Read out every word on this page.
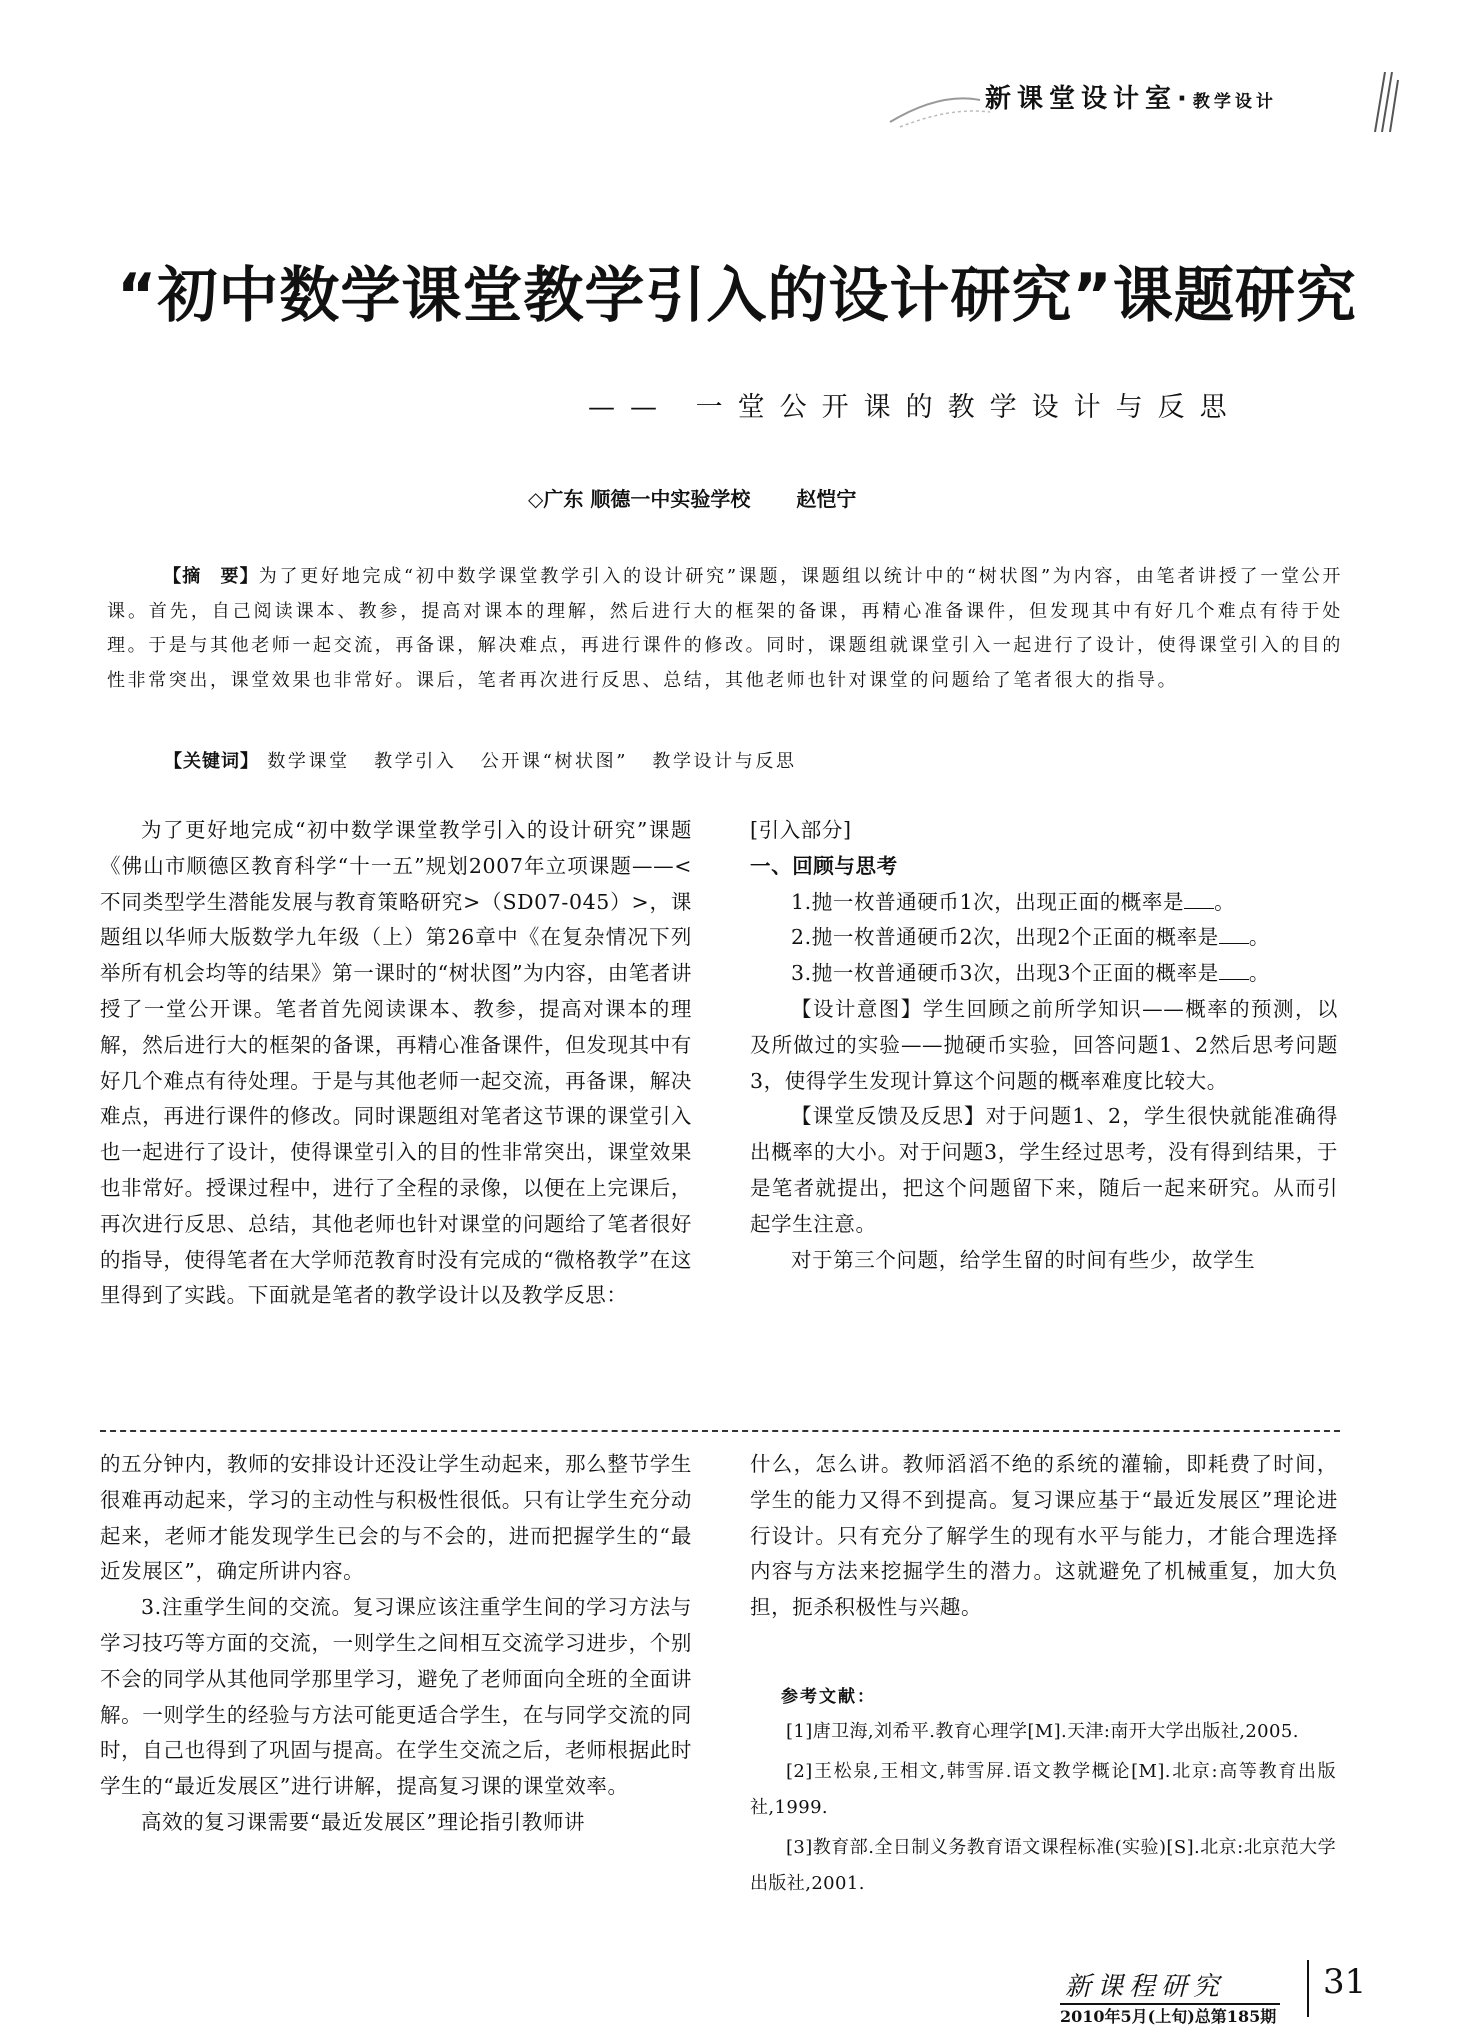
新课堂设计室·教学设计
“初中数学课堂教学引入的设计研究”课题研究
—— 一堂公开课的教学设计与反思
◇广东 顺德一中实验学校 赵恺宁
【摘　要】为了更好地完成“初中数学课堂教学引入的设计研究”课题，课题组以统计中的“树状图”为内容，由笔者讲授了一堂公开课。首先，自己阅读课本、教参，提高对课本的理解，然后进行大的框架的备课，再精心准备课件，但发现其中有好几个难点有待于处理。于是与其他老师一起交流，再备课，解决难点，再进行课件的修改。同时，课题组就课堂引入一起进行了设计，使得课堂引入的目的性非常突出，课堂效果也非常好。课后，笔者再次进行反思、总结，其他老师也针对课堂的问题给了笔者很大的指导。
【关键词】 数学课堂 教学引入 公开课“树状图” 教学设计与反思

为了更好地完成“初中数学课堂教学引入的设计研究”课题《佛山市顺德区教育科学“十一五”规划2007年立项课题——<不同类型学生潜能发展与教育策略研究>（SD07-045）>，课题组以华师大版数学九年级（上）第26章中《在复杂情况下列举所有机会均等的结果》第一课时的“树状图”为内容，由笔者讲授了一堂公开课。笔者首先阅读课本、教参，提高对课本的理解，然后进行大的框架的备课，再精心准备课件，但发现其中有好几个难点有待处理。于是与其他老师一起交流，再备课，解决难点，再进行课件的修改。同时课题组对笔者这节课的课堂引入也一起进行了设计，使得课堂引入的目的性非常突出，课堂效果也非常好。授课过程中，进行了全程的录像，以便在上完课后，再次进行反思、总结，其他老师也针对课堂的问题给了笔者很好的指导，使得笔者在大学师范教育时没有完成的“微格教学”在这里得到了实践。下面就是笔者的教学设计以及教学反思：

[引入部分]

一、回顾与思考

1.抛一枚普通硬币1次，出现正面的概率是 。

2.抛一枚普通硬币2次，出现2个正面的概率是 。

3.抛一枚普通硬币3次，出现3个正面的概率是 。

【设计意图】学生回顾之前所学知识——概率的预测，以及所做过的实验——抛硬币实验，回答问题1、2然后思考问题3，使得学生发现计算这个问题的概率难度比较大。

【课堂反馈及反思】对于问题1、2，学生很快就能准确得出概率的大小。对于问题3，学生经过思考，没有得到结果，于是笔者就提出，把这个问题留下来，随后一起来研究。从而引起学生注意。

对于第三个问题，给学生留的时间有些少，故学生

的五分钟内，教师的安排设计还没让学生动起来，那么整节学生很难再动起来，学习的主动性与积极性很低。只有让学生充分动起来，老师才能发现学生已会的与不会的，进而把握学生的“最近发展区”，确定所讲内容。

3.注重学生间的交流。复习课应该注重学生间的学习方法与学习技巧等方面的交流，一则学生之间相互交流学习进步，个别不会的同学从其他同学那里学习，避免了老师面向全班的全面讲解。一则学生的经验与方法可能更适合学生，在与同学交流的同时，自己也得到了巩固与提高。在学生交流之后，老师根据此时学生的“最近发展区”进行讲解，提高复习课的课堂效率。

高效的复习课需要“最近发展区”理论指引教师讲

什么，怎么讲。教师滔滔不绝的系统的灌输，即耗费了时间，学生的能力又得不到提高。复习课应基于“最近发展区”理论进行设计。只有充分了解学生的现有水平与能力，才能合理选择内容与方法来挖掘学生的潜力。这就避免了机械重复，加大负担，扼杀积极性与兴趣。

参考文献：

[1]唐卫海,刘希平.教育心理学[M].天津:南开大学出版社,2005.

[2]王松泉,王相文,韩雪屏.语文教学概论[M].北京:高等教育出版社,1999.

[3]教育部.全日制义务教育语文课程标准(实验)[S].北京:北京范大学出版社,2001.

新课程研究	31
2010年5月(上旬)总第185期
